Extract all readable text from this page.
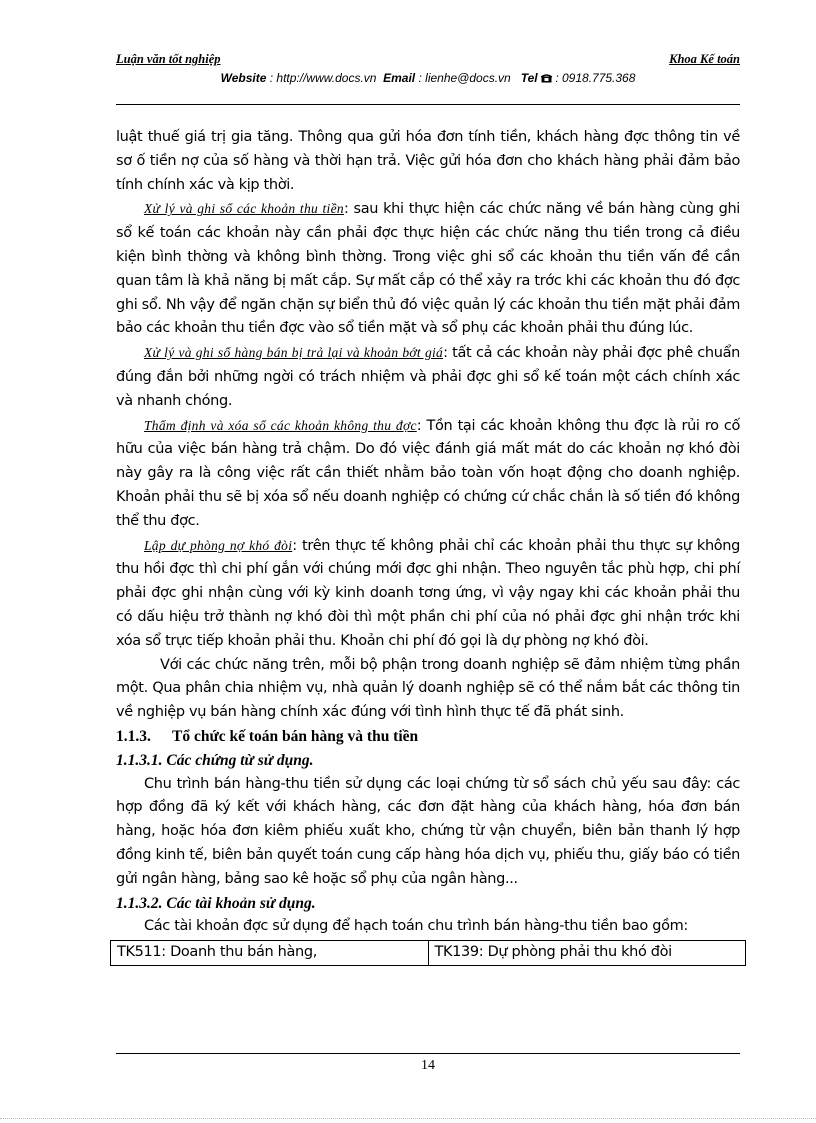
Luận văn tốt nghiệp	Khoa Kế toán
Website : http://www.docs.vn Email : lienhe@docs.vn Tel : 0918.775.368

luật thuế giá trị gia tăng. Thông qua gửi hóa đơn tính tiền, khách hàng đợc thông tin về sơ ố tiền nợ của số hàng và thời hạn trả. Việc gửi hóa đơn cho khách hàng phải đảm bảo tính chính xác và kịp thời.

Xử lý và ghi sổ các khoản thu tiền: sau khi thực hiện các chức năng về bán hàng cùng ghi sổ kế toán các khoản này cần phải đợc thực hiện các chức năng thu tiền trong cả điều kiện bình thờng và không bình thờng. Trong việc ghi sổ các khoản thu tiền vấn đề cần quan tâm là khả năng bị mất cắp. Sự mất cắp có thể xảy ra trớc khi các khoản thu đó đợc ghi sổ. Nh vậy để ngăn chặn sự biển thủ đó việc quản lý các khoản thu tiền mặt phải đảm bảo các khoản thu tiền đợc vào sổ tiền mặt và sổ phụ các khoản phải thu đúng lúc.

Xử lý và ghi sổ hàng bán bị trả lại và khoản bớt giá: tất cả các khoản này phải đợc phê chuẩn đúng đắn bởi những ngời có trách nhiệm và phải đợc ghi sổ kế toán một cách chính xác và nhanh chóng.

Thẩm định và xóa sổ các khoản không thu đợc: Tồn tại các khoản không thu đợc là rủi ro cố hữu của việc bán hàng trả chậm. Do đó việc đánh giá mất mát do các khoản nợ khó đòi này gây ra là công việc rất cần thiết nhằm bảo toàn vốn hoạt động cho doanh nghiệp. Khoản phải thu sẽ bị xóa sổ nếu doanh nghiệp có chứng cứ chắc chắn là số tiền đó không thể thu đợc.

Lập dự phòng nợ khó đòi: trên thực tế không phải chỉ các khoản phải thu thực sự không thu hồi đợc thì chi phí gắn với chúng mới đợc ghi nhận. Theo nguyên tắc phù hợp, chi phí phải đợc ghi nhận cùng với kỳ kinh doanh tơng ứng, vì vậy ngay khi các khoản phải thu có dấu hiệu trở thành nợ khó đòi thì một phần chi phí của nó phải đợc ghi nhận trớc khi xóa sổ trực tiếp khoản phải thu. Khoản chi phí đó gọi là dự phòng nợ khó đòi.

Với các chức năng trên, mỗi bộ phận trong doanh nghiệp sẽ đảm nhiệm từng phần một. Qua phân chia nhiệm vụ, nhà quản lý doanh nghiệp sẽ có thể nắm bắt các thông tin về nghiệp vụ bán hàng chính xác đúng với tình hình thực tế đã phát sinh.

1.1.3. Tổ chức kế toán bán hàng và thu tiền

1.1.3.1. Các chứng từ sử dụng.

Chu trình bán hàng-thu tiền sử dụng các loại chứng từ sổ sách chủ yếu sau đây: các hợp đồng đã ký kết với khách hàng, các đơn đặt hàng của khách hàng, hóa đơn bán hàng, hoặc hóa đơn kiêm phiếu xuất kho, chứng từ vận chuyển, biên bản thanh lý hợp đồng kinh tế, biên bản quyết toán cung cấp hàng hóa dịch vụ, phiếu thu, giấy báo có tiền gửi ngân hàng, bảng sao kê hoặc sổ phụ của ngân hàng...

1.1.3.2. Các tài khoản sử dụng.

Các tài khoản đợc sử dụng để hạch toán chu trình bán hàng-thu tiền bao gồm:

TK511: Doanh thu bán hàng,	TK139: Dự phòng phải thu khó đòi
14
